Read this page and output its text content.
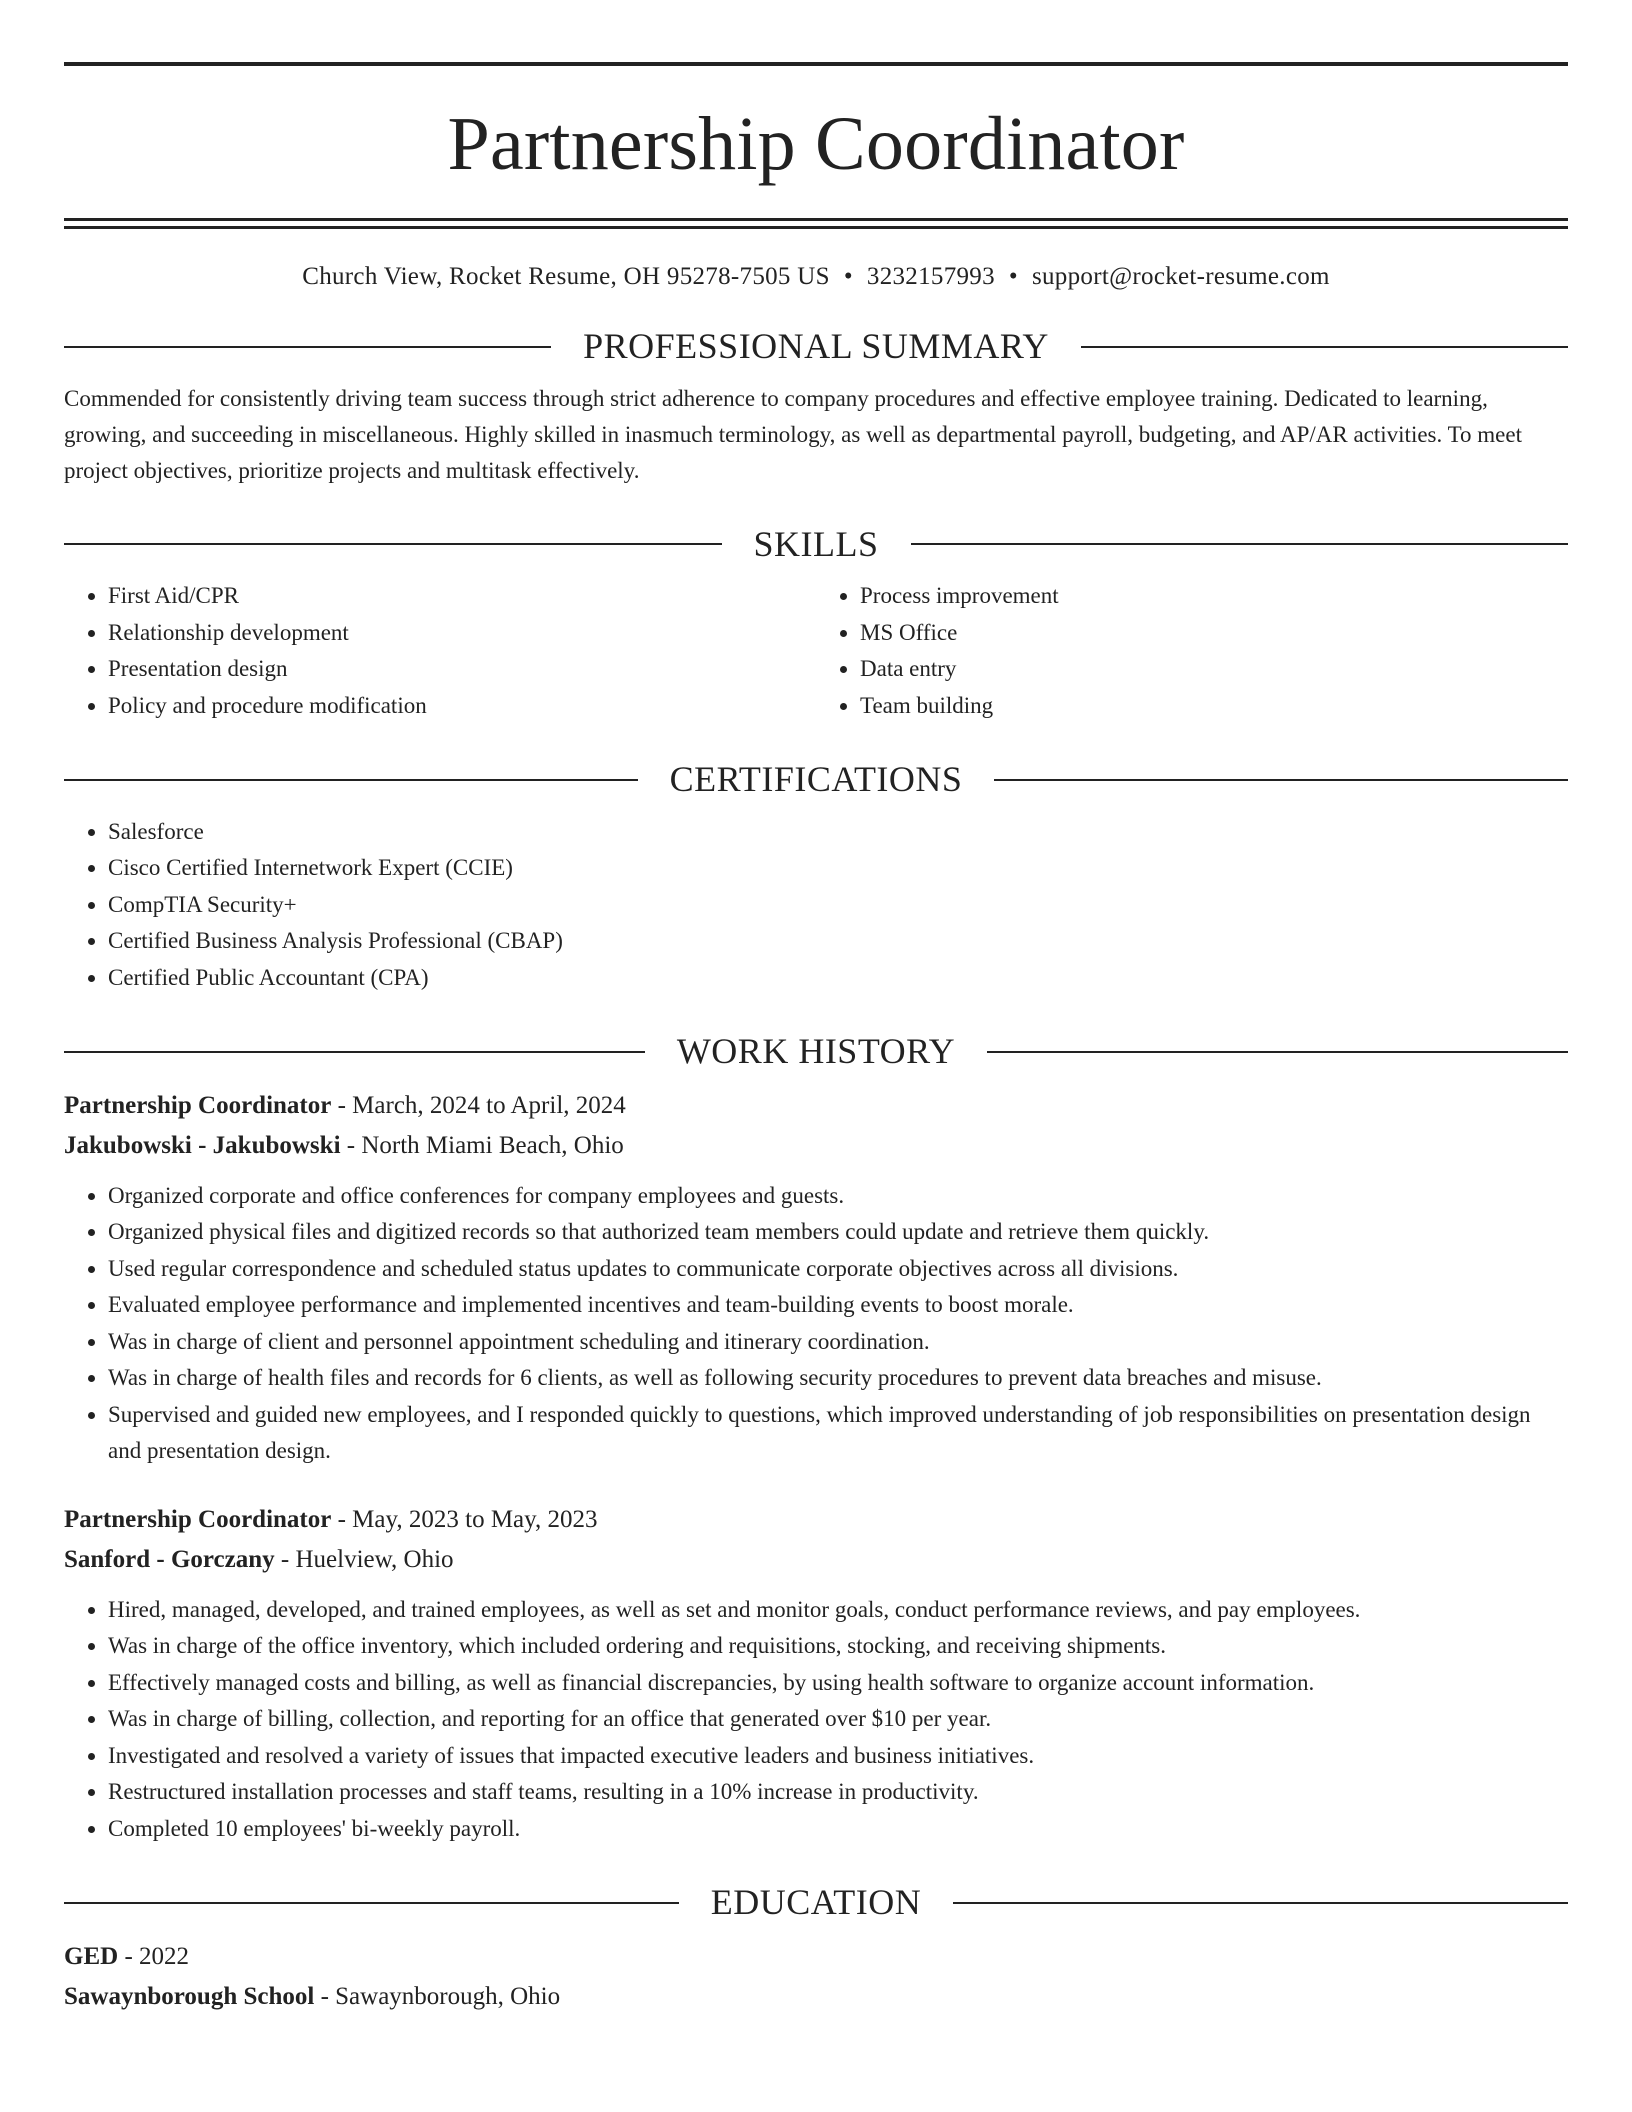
Partnership Coordinator
Church View, Rocket Resume, OH 95278-7505 US • 3232157993 • support@rocket-resume.com
PROFESSIONAL SUMMARY

Commended for consistently driving team success through strict adherence to company procedures and effective employee training. Dedicated to learning, growing, and succeeding in miscellaneous. Highly skilled in inasmuch terminology, as well as departmental payroll, budgeting, and AP/AR activities. To meet project objectives, prioritize projects and multitask effectively.

SKILLS
• First Aid/CPR
• Relationship development
• Presentation design
• Policy and procedure modification
• Process improvement
• MS Office
• Data entry
• Team building
CERTIFICATIONS
• Salesforce
• Cisco Certified Internetwork Expert (CCIE)
• CompTIA Security+
• Certified Business Analysis Professional (CBAP)
• Certified Public Accountant (CPA)
WORK HISTORY
Partnership Coordinator - March, 2024 to April, 2024
Jakubowski - Jakubowski - North Miami Beach, Ohio
• Organized corporate and office conferences for company employees and guests.
• Organized physical files and digitized records so that authorized team members could update and retrieve them quickly.
• Used regular correspondence and scheduled status updates to communicate corporate objectives across all divisions.
• Evaluated employee performance and implemented incentives and team-building events to boost morale.
• Was in charge of client and personnel appointment scheduling and itinerary coordination.
• Was in charge of health files and records for 6 clients, as well as following security procedures to prevent data breaches and misuse.
• Supervised and guided new employees, and I responded quickly to questions, which improved understanding of job responsibilities on presentation design and presentation design.
Partnership Coordinator - May, 2023 to May, 2023
Sanford - Gorczany - Huelview, Ohio
• Hired, managed, developed, and trained employees, as well as set and monitor goals, conduct performance reviews, and pay employees.
• Was in charge of the office inventory, which included ordering and requisitions, stocking, and receiving shipments.
• Effectively managed costs and billing, as well as financial discrepancies, by using health software to organize account information.
• Was in charge of billing, collection, and reporting for an office that generated over $10 per year.
• Investigated and resolved a variety of issues that impacted executive leaders and business initiatives.
• Restructured installation processes and staff teams, resulting in a 10% increase in productivity.
• Completed 10 employees' bi-weekly payroll.
EDUCATION
GED - 2022
Sawaynborough School - Sawaynborough, Ohio
